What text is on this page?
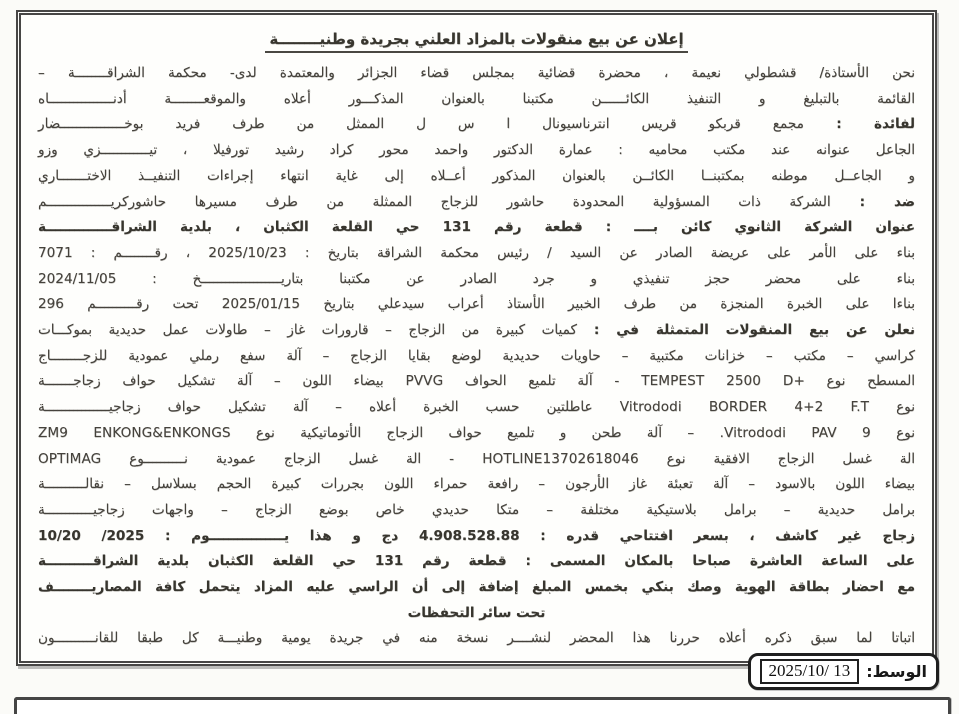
إعلان عن بيع منقولات بالمزاد العلني بجريدة وطنيــــــــة
نحن الأستاذة/ قشطولي نعيمة ، محضرة قضائية بمجلس قضاء الجزائر والمعتمدة لدى- محكمة الشراقــــــــة –
القائمة بالتبليغ و التنفيذ الكائــــــن مكتبنا بالعنوان المذكـــور أعلاه والموقعــــــــة أدنــــــــــــــــاه
لفائدة : مجمع قربكو قريس انترناسيونال ا س ل الممثل من طرف فريد بوخــــــــــــــــضار
الجاعل عنوانه عند مكتب محاميه : عمارة الدكتور واحمد محور كراد رشيد تورفيلا ، تيــــــــــــزي وزو
و الجاعــل موطنه بمكتبنــا الكائــن بالعنوان المذكور أعــلاه إلى غاية انتهاء إجراءات التنفيــذ الاختـــــــاري
ضد : الشركة ذات المسؤولية المحدودة حاشور للزجاج الممثلة من طرف مسيرها حاشوركريــــــــــــــــم
عنوان الشركة الثانوي كائن بــــ : قطعة رقم 131 حي القلعة الكثبان ، بلدية الشراقــــــــــــــة
بناء على الأمر على عريضة الصادر عن السيد / رئيس محكمة الشراقة بتاريخ : 2025/10/23 ، رقــــــــم : 7071
بناء على محضر حجز تنفيذي و جرد الصادر عن مكتبنا بتاريــــــــــــــــــــخ : 2024/11/05
بناءا على الخبرة المنجزة من طرف الخبير الأستاذ أعراب سيدعلي بتاريخ 2025/01/15 تحت رقــــــــــم 296
نعلن عن بيع المنقولات المتمثلة في : كميات كبيرة من الزجاج – قارورات غاز – طاولات عمل حديدية بموكـــات
كراسي – مكتب – خزانات مكتبية – حاويات حديدية لوضع بقايا الزجاج – آلة سفع رملي عمودية للزجــــــــاج
المسطح نوع +TEMPEST 2500 D - آلة تلميع الحواف PVVG بيضاء اللون – آلة تشكيل حواف زجاجـــــــة
نوع Vitrododi BORDER 4+2 F.T عاطلتين حسب الخبرة أعلاه – آلة تشكيل حواف زجاجيــــــــــــــــة
نوع Vitrododi PAV 9. – آلة طحن و تلميع حواف الزجاج الأتوماتيكية نوع ZM9 ENKONG&ENKONGS
الة غسل الزجاج الافقية نوع HOTLINE13702618046 - الة غسل الزجاج عمودية نــــــــــوع OPTIMAG
بيضاء اللون بالاسود – آلة تعبئة غاز الأرجون – رافعة حمراء اللون بجررات كبيرة الحجم بسلاسل – نقالــــــــــة
برامل حديدية – برامل بلاستيكية مختلفة – متكا حديدي خاص بوضع الزجاج – واجهات زجاجيــــــــــــة
زجاج غير كاشف ، بسعر افتتاحي قدره : 4.908.528.88 دج و هذا يــــــــــــــــوم : 2025/ 10/20
على الساعة العاشرة صباحا بالمكان المسمى : قطعة رقم 131 حي القلعة الكثبان بلدية الشراقــــــــــة
مع احضار بطاقة الهوية وصك بنكي بخمس المبلغ إضافة إلى أن الراسي عليه المزاد يتحمل كافة المصاريــــــــف
تحت سائر التحفظات
اتباتا لما سبق ذكره أعلاه حررنا هذا المحضر لنشــــر نسخة منه في جريدة يومية وطنيـــة كل طبقا للقانــــــــــون
الوسط:
2025/10/ 13
